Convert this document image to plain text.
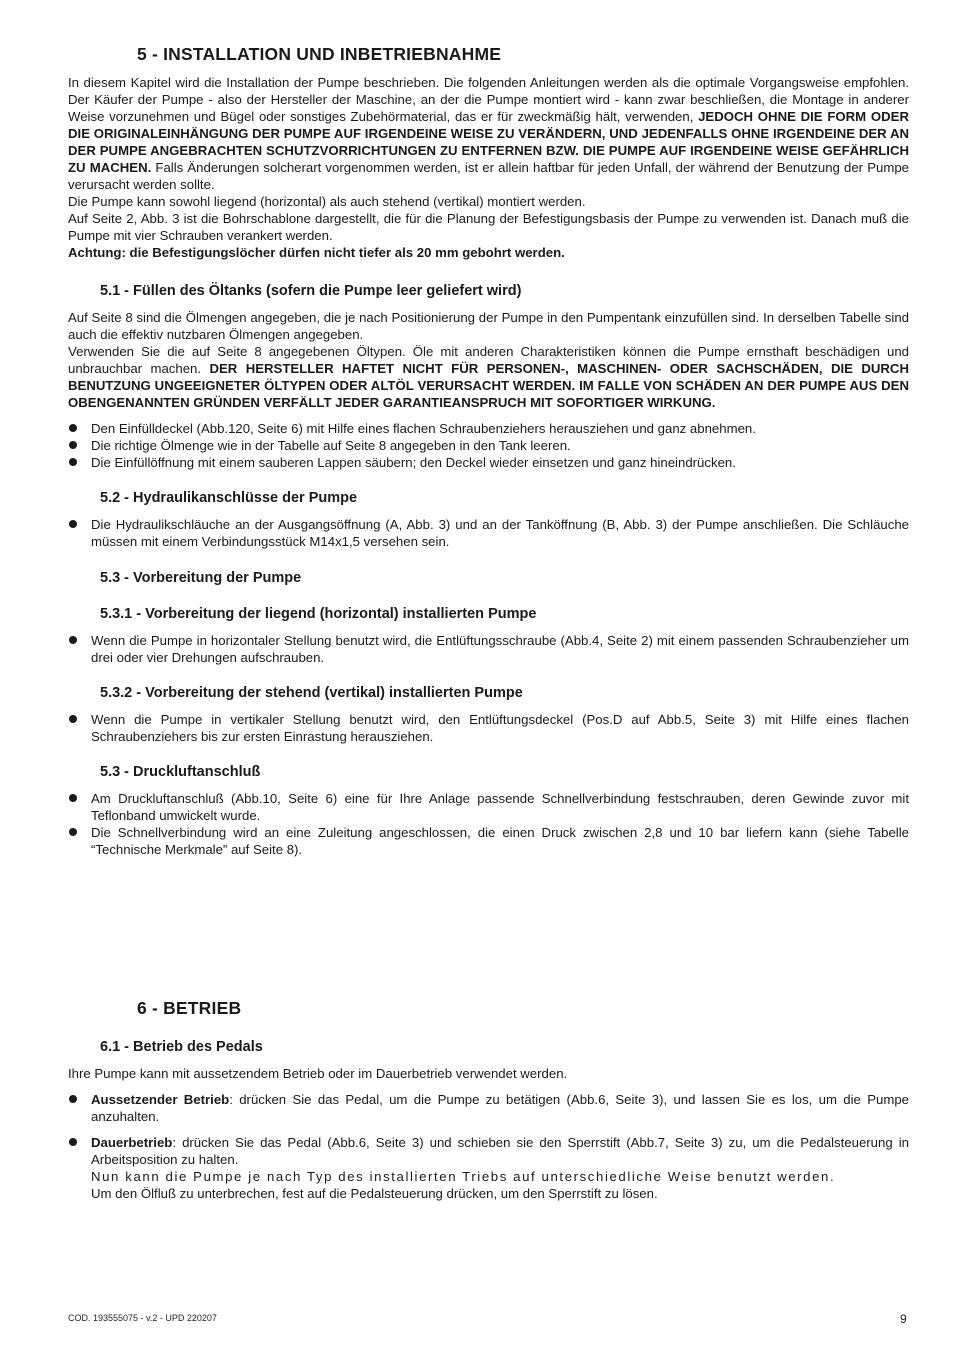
5 - INSTALLATION UND INBETRIEBNAHME
In diesem Kapitel wird die Installation der Pumpe beschrieben. Die folgenden Anleitungen werden als die optimale Vorgangsweise empfohlen. Der Käufer der Pumpe - also der Hersteller der Maschine, an der die Pumpe montiert wird - kann zwar beschließen, die Montage in anderer Weise vorzunehmen und Bügel oder sonstiges Zubehörmaterial, das er für zweckmäßig hält, verwenden, JEDOCH OHNE DIE FORM ODER DIE ORIGINALEINHÄNGUNG DER PUMPE AUF IRGENDEINE WEISE ZU VERÄNDERN, UND JEDENFALLS OHNE IRGENDEINE DER AN DER PUMPE ANGEBRACHTEN SCHUTZVORRICHTUNGEN ZU ENTFERNEN BZW. DIE PUMPE AUF IRGENDEINE WEISE GEFÄHRLICH ZU MACHEN. Falls Änderungen solcherart vorgenommen werden, ist er allein haftbar für jeden Unfall, der während der Benutzung der Pumpe verursacht werden sollte.
Die Pumpe kann sowohl liegend (horizontal) als auch stehend (vertikal) montiert werden.
Auf Seite 2, Abb. 3 ist die Bohrschablone dargestellt, die für die Planung der Befestigungsbasis der Pumpe zu verwenden ist. Danach muß die Pumpe mit vier Schrauben verankert werden.
Achtung: die Befestigungslöcher dürfen nicht tiefer als 20 mm gebohrt werden.
5.1 - Füllen des Öltanks (sofern die Pumpe leer geliefert wird)
Auf Seite 8 sind die Ölmengen angegeben, die je nach Positionierung der Pumpe in den Pumpentank einzufüllen sind. In derselben Tabelle sind auch die effektiv nutzbaren Ölmengen angegeben.
Verwenden Sie die auf Seite 8 angegebenen Öltypen. Öle mit anderen Charakteristiken können die Pumpe ernsthaft beschädigen und unbrauchbar machen. DER HERSTELLER HAFTET NICHT FÜR PERSONEN-, MASCHINEN- ODER SACHSCHÄDEN, DIE DURCH BENUTZUNG UNGEEIGNETER ÖLTYPEN ODER ALTÖL VERURSACHT WERDEN. IM FALLE VON SCHÄDEN AN DER PUMPE AUS DEN OBENGENANNTEN GRÜNDEN VERFÄLLT JEDER GARANTIEANSPRUCH MIT SOFORTIGER WIRKUNG.
Den Einfülldeckel (Abb.120, Seite 6) mit Hilfe eines flachen Schraubenziehers herausziehen und ganz abnehmen.
Die richtige Ölmenge wie in der Tabelle auf Seite 8 angegeben in den Tank leeren.
Die Einfüllöffnung mit einem sauberen Lappen säubern; den Deckel wieder einsetzen und ganz hineindrücken.
5.2 - Hydraulikanschlüsse der Pumpe
Die Hydraulikschläuche an der Ausgangsöffnung (A, Abb. 3) und an der Tanköffnung (B, Abb. 3) der Pumpe anschließen. Die Schläuche müssen mit einem Verbindungsstück M14x1,5 versehen sein.
5.3 - Vorbereitung der Pumpe
5.3.1 - Vorbereitung der liegend (horizontal) installierten Pumpe
Wenn die Pumpe in horizontaler Stellung benutzt wird, die Entlüftungsschraube (Abb.4, Seite 2) mit einem passenden Schraubenzieher um drei oder vier Drehungen aufschrauben.
5.3.2 - Vorbereitung der stehend (vertikal) installierten Pumpe
Wenn die Pumpe in vertikaler Stellung benutzt wird, den Entlüftungsdeckel (Pos.D auf Abb.5, Seite 3) mit Hilfe eines flachen Schraubenziehers bis zur ersten Einrastung herausziehen.
5.3 - Druckluftanschluß
Am Druckluftanschluß (Abb.10, Seite 6) eine für Ihre Anlage passende Schnellverbindung festschrauben, deren Gewinde zuvor mit Teflonband umwickelt wurde.
Die Schnellverbindung wird an eine Zuleitung angeschlossen, die einen Druck zwischen 2,8 und 10 bar liefern kann (siehe Tabelle “Technische Merkmale” auf Seite 8).
6 - BETRIEB
6.1 - Betrieb des Pedals
Ihre Pumpe kann mit aussetzendem Betrieb oder im Dauerbetrieb verwendet werden.
Aussetzender Betrieb: drücken Sie das Pedal, um die Pumpe zu betätigen (Abb.6, Seite 3), und lassen Sie es los, um die Pumpe anzuhalten.
Dauerbetrieb: drücken Sie das Pedal (Abb.6, Seite 3) und schieben sie den Sperrstift (Abb.7, Seite 3) zu, um die Pedalsteuerung in Arbeitsposition zu halten.
Nun kann die Pumpe je nach Typ des installierten Triebs auf unterschiedliche Weise benutzt werden.
Um den Ölfluß zu unterbrechen, fest auf die Pedalsteuerung drücken, um den Sperrstift zu lösen.
COD. 193555075 - v.2 - UPD 220207	9
